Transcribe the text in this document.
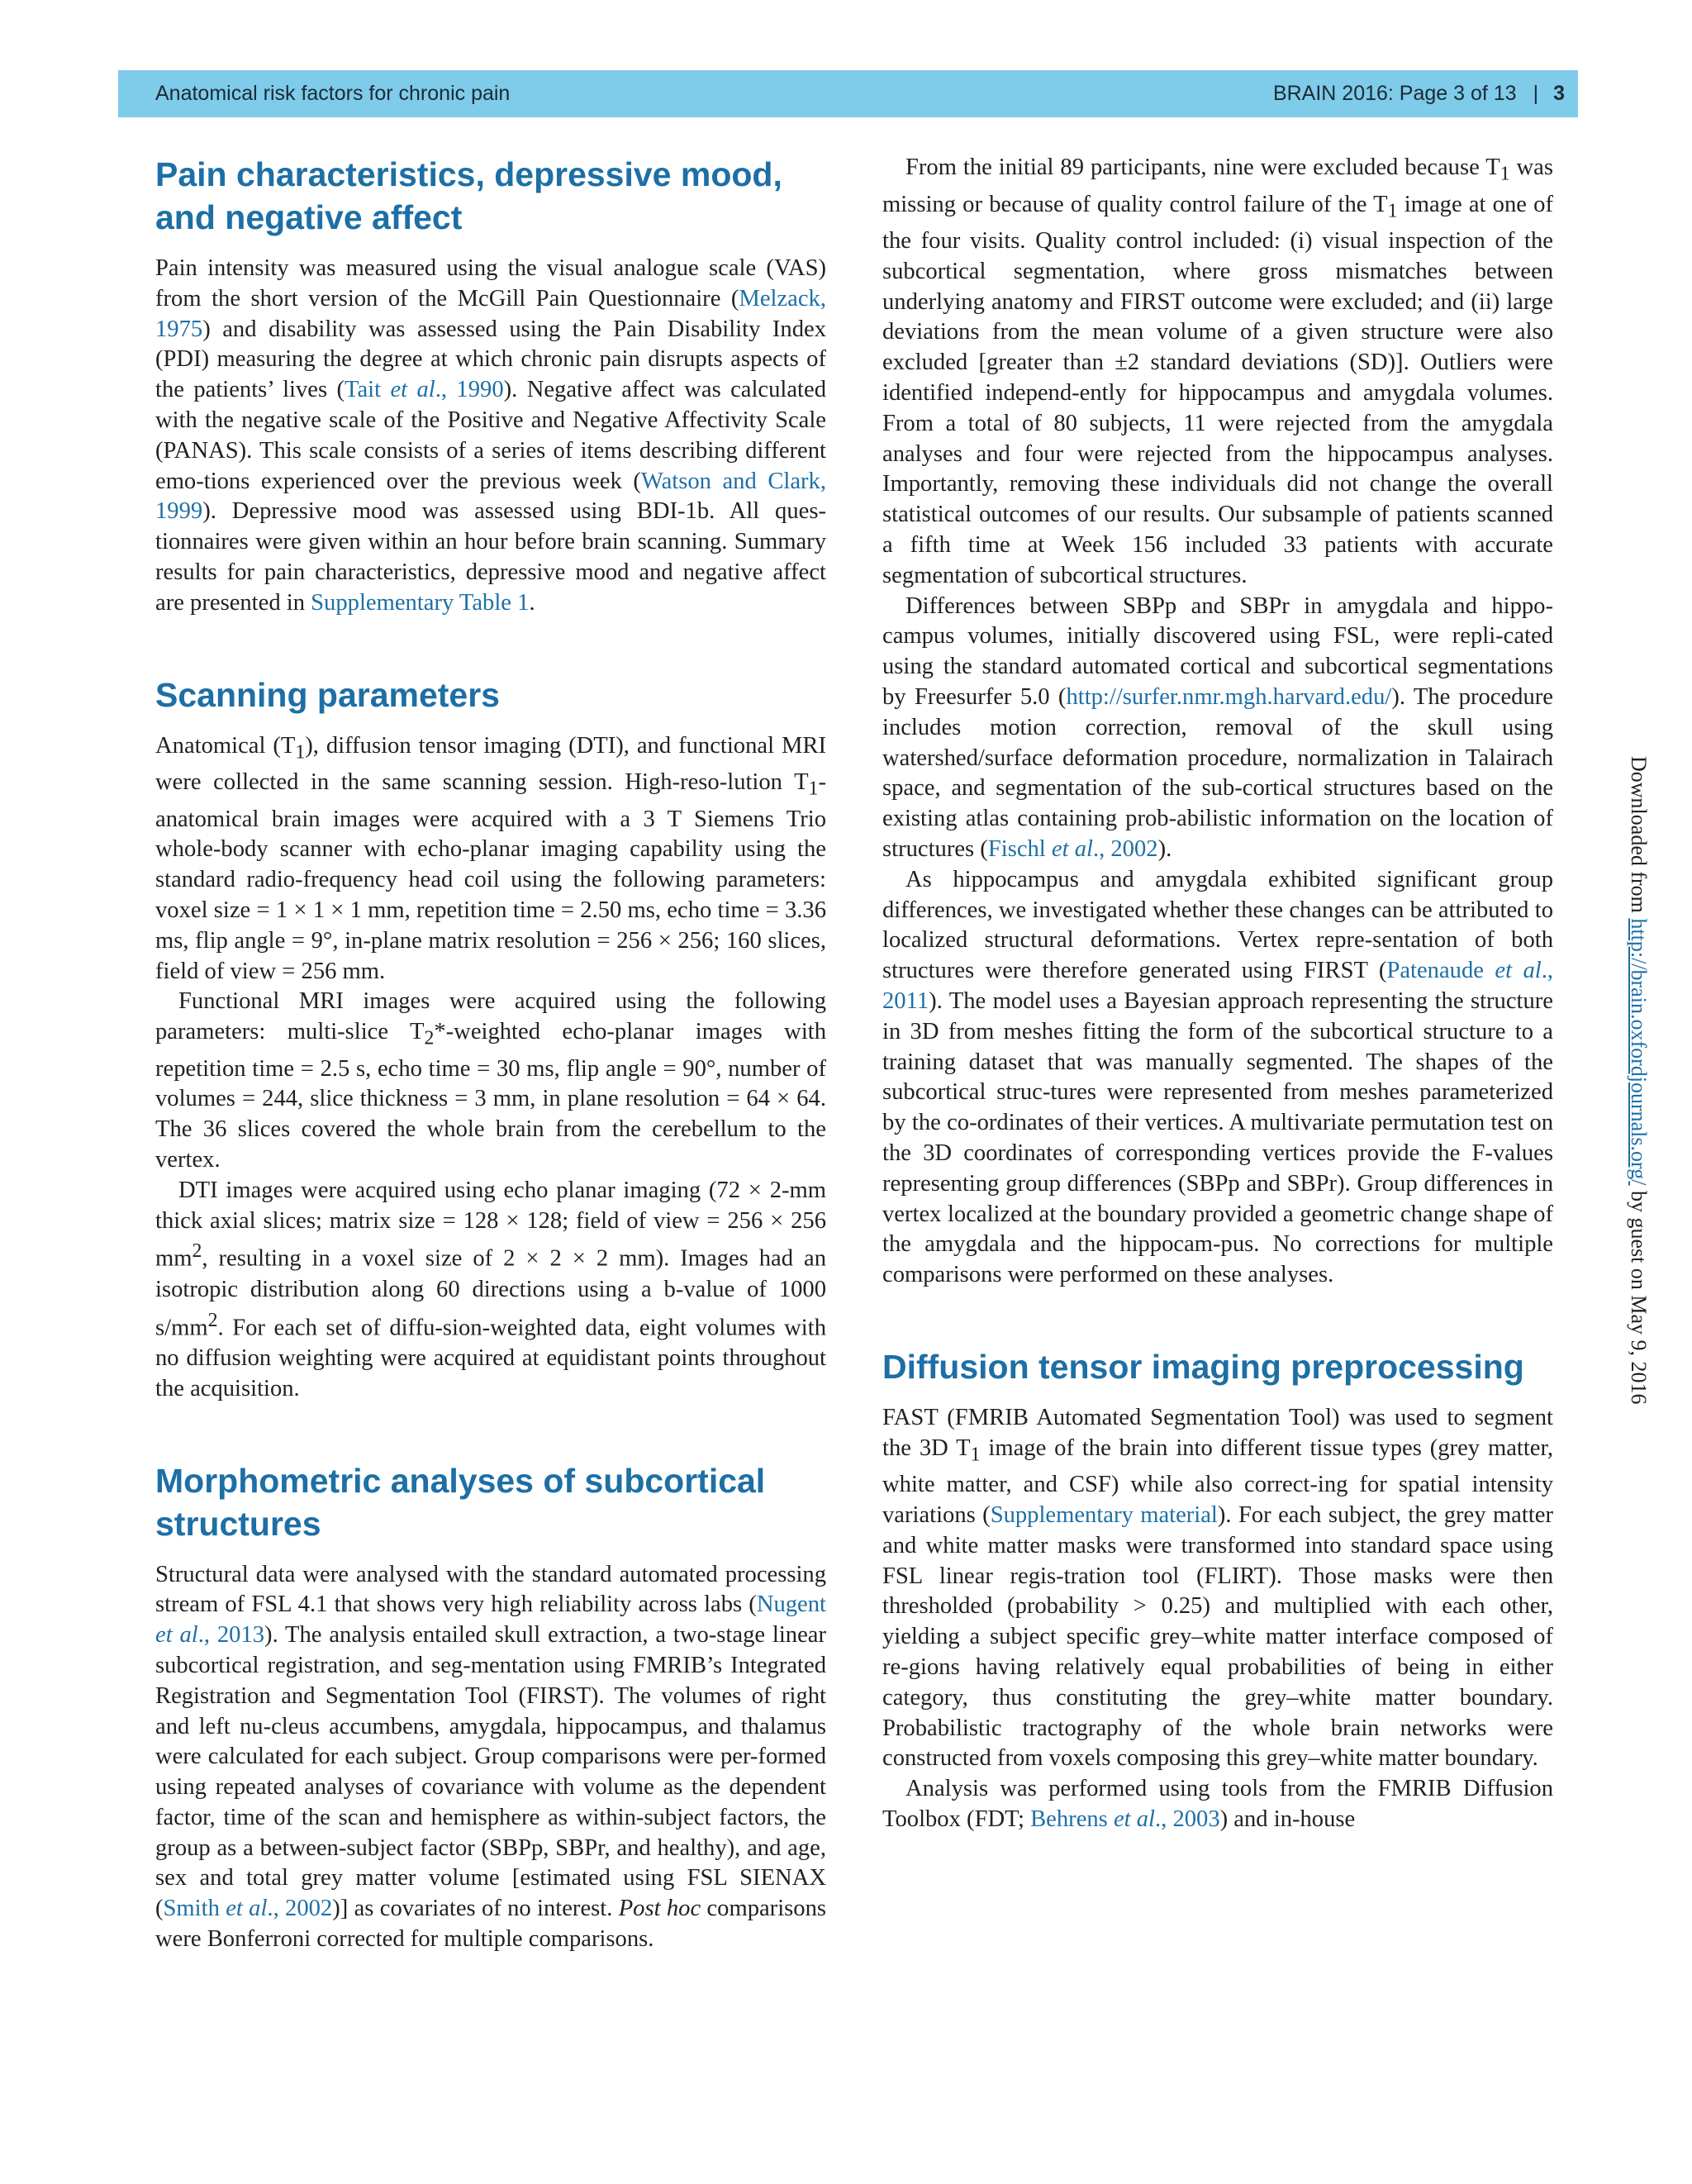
Anatomical risk factors for chronic pain	BRAIN 2016: Page 3 of 13 | 3
Pain characteristics, depressive mood, and negative affect

Pain intensity was measured using the visual analogue scale (VAS) from the short version of the McGill Pain Questionnaire (Melzack, 1975) and disability was assessed using the Pain Disability Index (PDI) measuring the degree at which chronic pain disrupts aspects of the patients’ lives (Tait et al., 1990). Negative affect was calculated with the negative scale of the Positive and Negative Affectivity Scale (PANAS). This scale consists of a series of items describing different emo-tions experienced over the previous week (Watson and Clark, 1999). Depressive mood was assessed using BDI-1b. All ques-tionnaires were given within an hour before brain scanning. Summary results for pain characteristics, depressive mood and negative affect are presented in Supplementary Table 1.

Scanning parameters

Anatomical $(T_1)$, diffusion tensor imaging (DTI), and functional MRI were collected in the same scanning session. High-reso-lution $T_1$-anatomical brain images were acquired with a 3 T Siemens Trio whole-body scanner with echo-planar imaging capability using the standard radio-frequency head coil using the following parameters: voxel size = 1 × 1 × 1 mm, repetition time = 2.50 ms, echo time = 3.36 ms, flip angle = 9°, in-plane matrix resolution = 256 × 256; 160 slices, field of view = 256 mm.

Functional MRI images were acquired using the following parameters: multi-slice $T_2*$-weighted echo-planar images with repetition time = 2.5 s, echo time = 30 ms, flip angle = 90°, number of volumes = 244, slice thickness = 3 mm, in plane resolution = 64 × 64. The 36 slices covered the whole brain from the cerebellum to the vertex.

DTI images were acquired using echo planar imaging (72 × 2-mm thick axial slices; matrix size = 128 × 128; field of view = 256 × 256 $mm^2$, resulting in a voxel size of 2 × 2 × 2 mm). Images had an isotropic distribution along 60 directions using a b-value of 1000 $s/mm^2$. For each set of diffu-sion-weighted data, eight volumes with no diffusion weighting were acquired at equidistant points throughout the acquisition.

Morphometric analyses of subcortical structures

Structural data were analysed with the standard automated processing stream of FSL 4.1 that shows very high reliability across labs (Nugent et al., 2013). The analysis entailed skull extraction, a two-stage linear subcortical registration, and seg-mentation using FMRIB’s Integrated Registration and Segmentation Tool (FIRST). The volumes of right and left nu-cleus accumbens, amygdala, hippocampus, and thalamus were calculated for each subject. Group comparisons were per-formed using repeated analyses of covariance with volume as the dependent factor, time of the scan and hemisphere as within-subject factors, the group as a between-subject factor (SBPp, SBPr, and healthy), and age, sex and total grey matter volume [estimated using FSL SIENAX (Smith et al., 2002)] as covariates of no interest. Post hoc comparisons were Bonferroni corrected for multiple comparisons.

From the initial 89 participants, nine were excluded because $T_1$ was missing or because of quality control failure of the $T_1$ image at one of the four visits. Quality control included: (i) visual inspection of the subcortical segmentation, where gross mismatches between underlying anatomy and FIRST outcome were excluded; and (ii) large deviations from the mean volume of a given structure were also excluded [greater than ±2 standard deviations (SD)]. Outliers were identified independ-ently for hippocampus and amygdala volumes. From a total of 80 subjects, 11 were rejected from the amygdala analyses and four were rejected from the hippocampus analyses. Importantly, removing these individuals did not change the overall statistical outcomes of our results. Our subsample of patients scanned a fifth time at Week 156 included 33 patients with accurate segmentation of subcortical structures.

Differences between SBPp and SBPr in amygdala and hippo-campus volumes, initially discovered using FSL, were repli-cated using the standard automated cortical and subcortical segmentations by Freesurfer 5.0 (http://surfer.nmr.mgh.harvard.edu/). The procedure includes motion correction, removal of the skull using watershed/surface deformation procedure, normalization in Talairach space, and segmentation of the sub-cortical structures based on the existing atlas containing prob-abilistic information on the location of structures (Fischl et al., 2002).

As hippocampus and amygdala exhibited significant group differences, we investigated whether these changes can be attributed to localized structural deformations. Vertex repre-sentation of both structures were therefore generated using FIRST (Patenaude et al., 2011). The model uses a Bayesian approach representing the structure in 3D from meshes fitting the form of the subcortical structure to a training dataset that was manually segmented. The shapes of the subcortical struc-tures were represented from meshes parameterized by the co-ordinates of their vertices. A multivariate permutation test on the 3D coordinates of corresponding vertices provide the F-values representing group differences (SBPp and SBPr). Group differences in vertex localized at the boundary provided a geometric change shape of the amygdala and the hippocam-pus. No corrections for multiple comparisons were performed on these analyses.

Diffusion tensor imaging preprocessing

FAST (FMRIB Automated Segmentation Tool) was used to segment the 3D $T_1$ image of the brain into different tissue types (grey matter, white matter, and CSF) while also correct-ing for spatial intensity variations (Supplementary material). For each subject, the grey matter and white matter masks were transformed into standard space using FSL linear regis-tration tool (FLIRT). Those masks were then thresholded (probability > 0.25) and multiplied with each other, yielding a subject specific grey–white matter interface composed of re-gions having relatively equal probabilities of being in either category, thus constituting the grey–white matter boundary. Probabilistic tractography of the whole brain networks were constructed from voxels composing this grey–white matter boundary.

Analysis was performed using tools from the FMRIB Diffusion Toolbox (FDT; Behrens et al., 2003) and in-house

Downloaded from http://brain.oxfordjournals.org/ by guest on May 9, 2016
